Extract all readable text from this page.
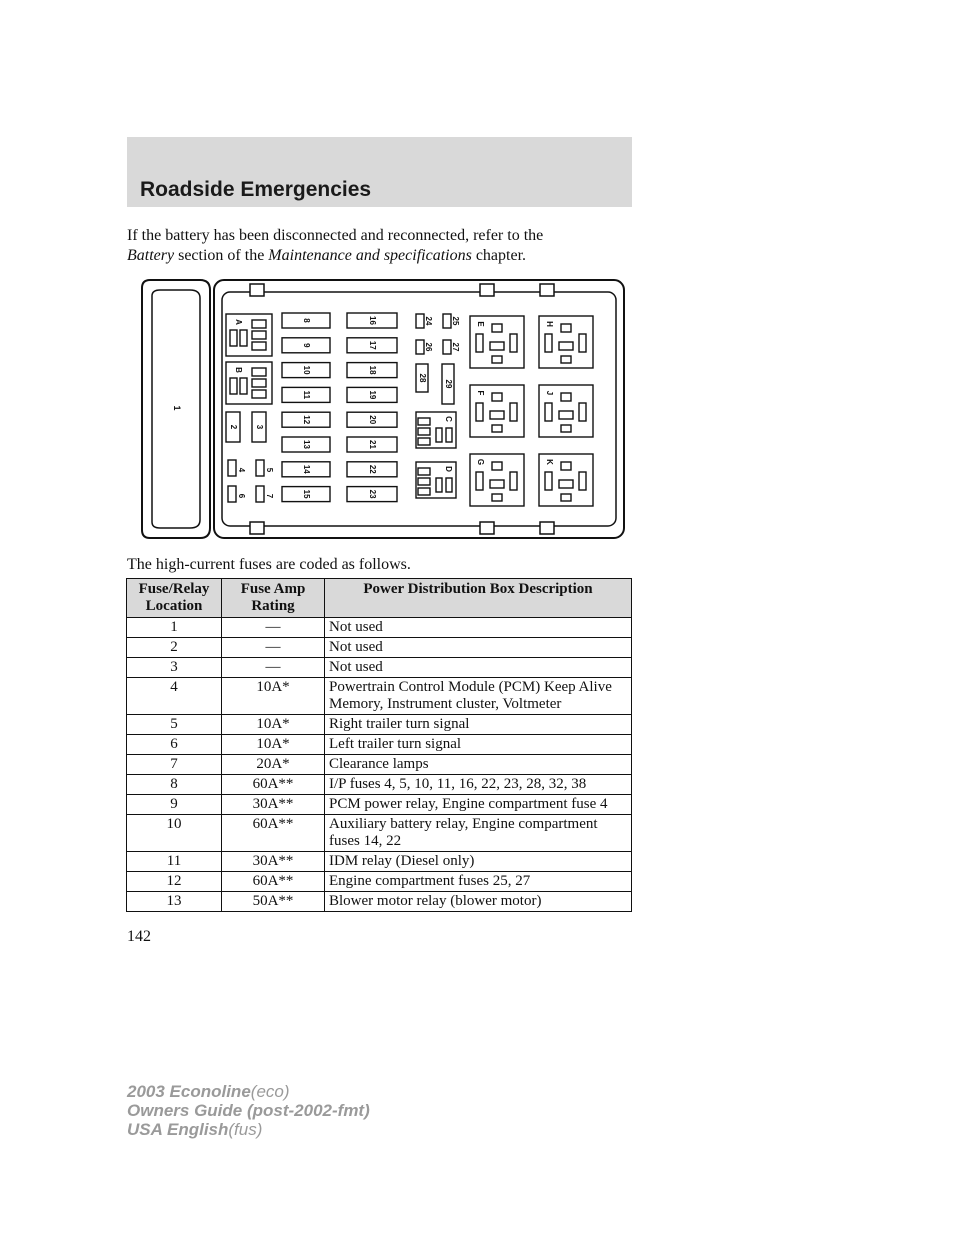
Roadside Emergencies
If the battery has been disconnected and reconnected, refer to the
Battery section of the Maintenance and specifications chapter.
1
A
B
2 3
4 5
6 7
8
9
10
11
12
13
14
15
16
17
18
19
20
21
22
23
24 25
26 27
28
29
C
D
E
F
G
H
J
K
The high-current fuses are coded as follows.
Fuse/Relay Location	Fuse Amp Rating	Power Distribution Box Description
1	—	Not used
2	—	Not used
3	—	Not used
4	10A*	Powertrain Control Module (PCM) Keep Alive Memory, Instrument cluster, Voltmeter
5	10A*	Right trailer turn signal
6	10A*	Left trailer turn signal
7	20A*	Clearance lamps
8	60A**	I/P fuses 4, 5, 10, 11, 16, 22, 23, 28, 32, 38
9	30A**	PCM power relay, Engine compartment fuse 4
10	60A**	Auxiliary battery relay, Engine compartment fuses 14, 22
11	30A**	IDM relay (Diesel only)
12	60A**	Engine compartment fuses 25, 27
13	50A**	Blower motor relay (blower motor)
142
2003 Econoline(eco)
Owners Guide (post-2002-fmt)
USA English(fus)
